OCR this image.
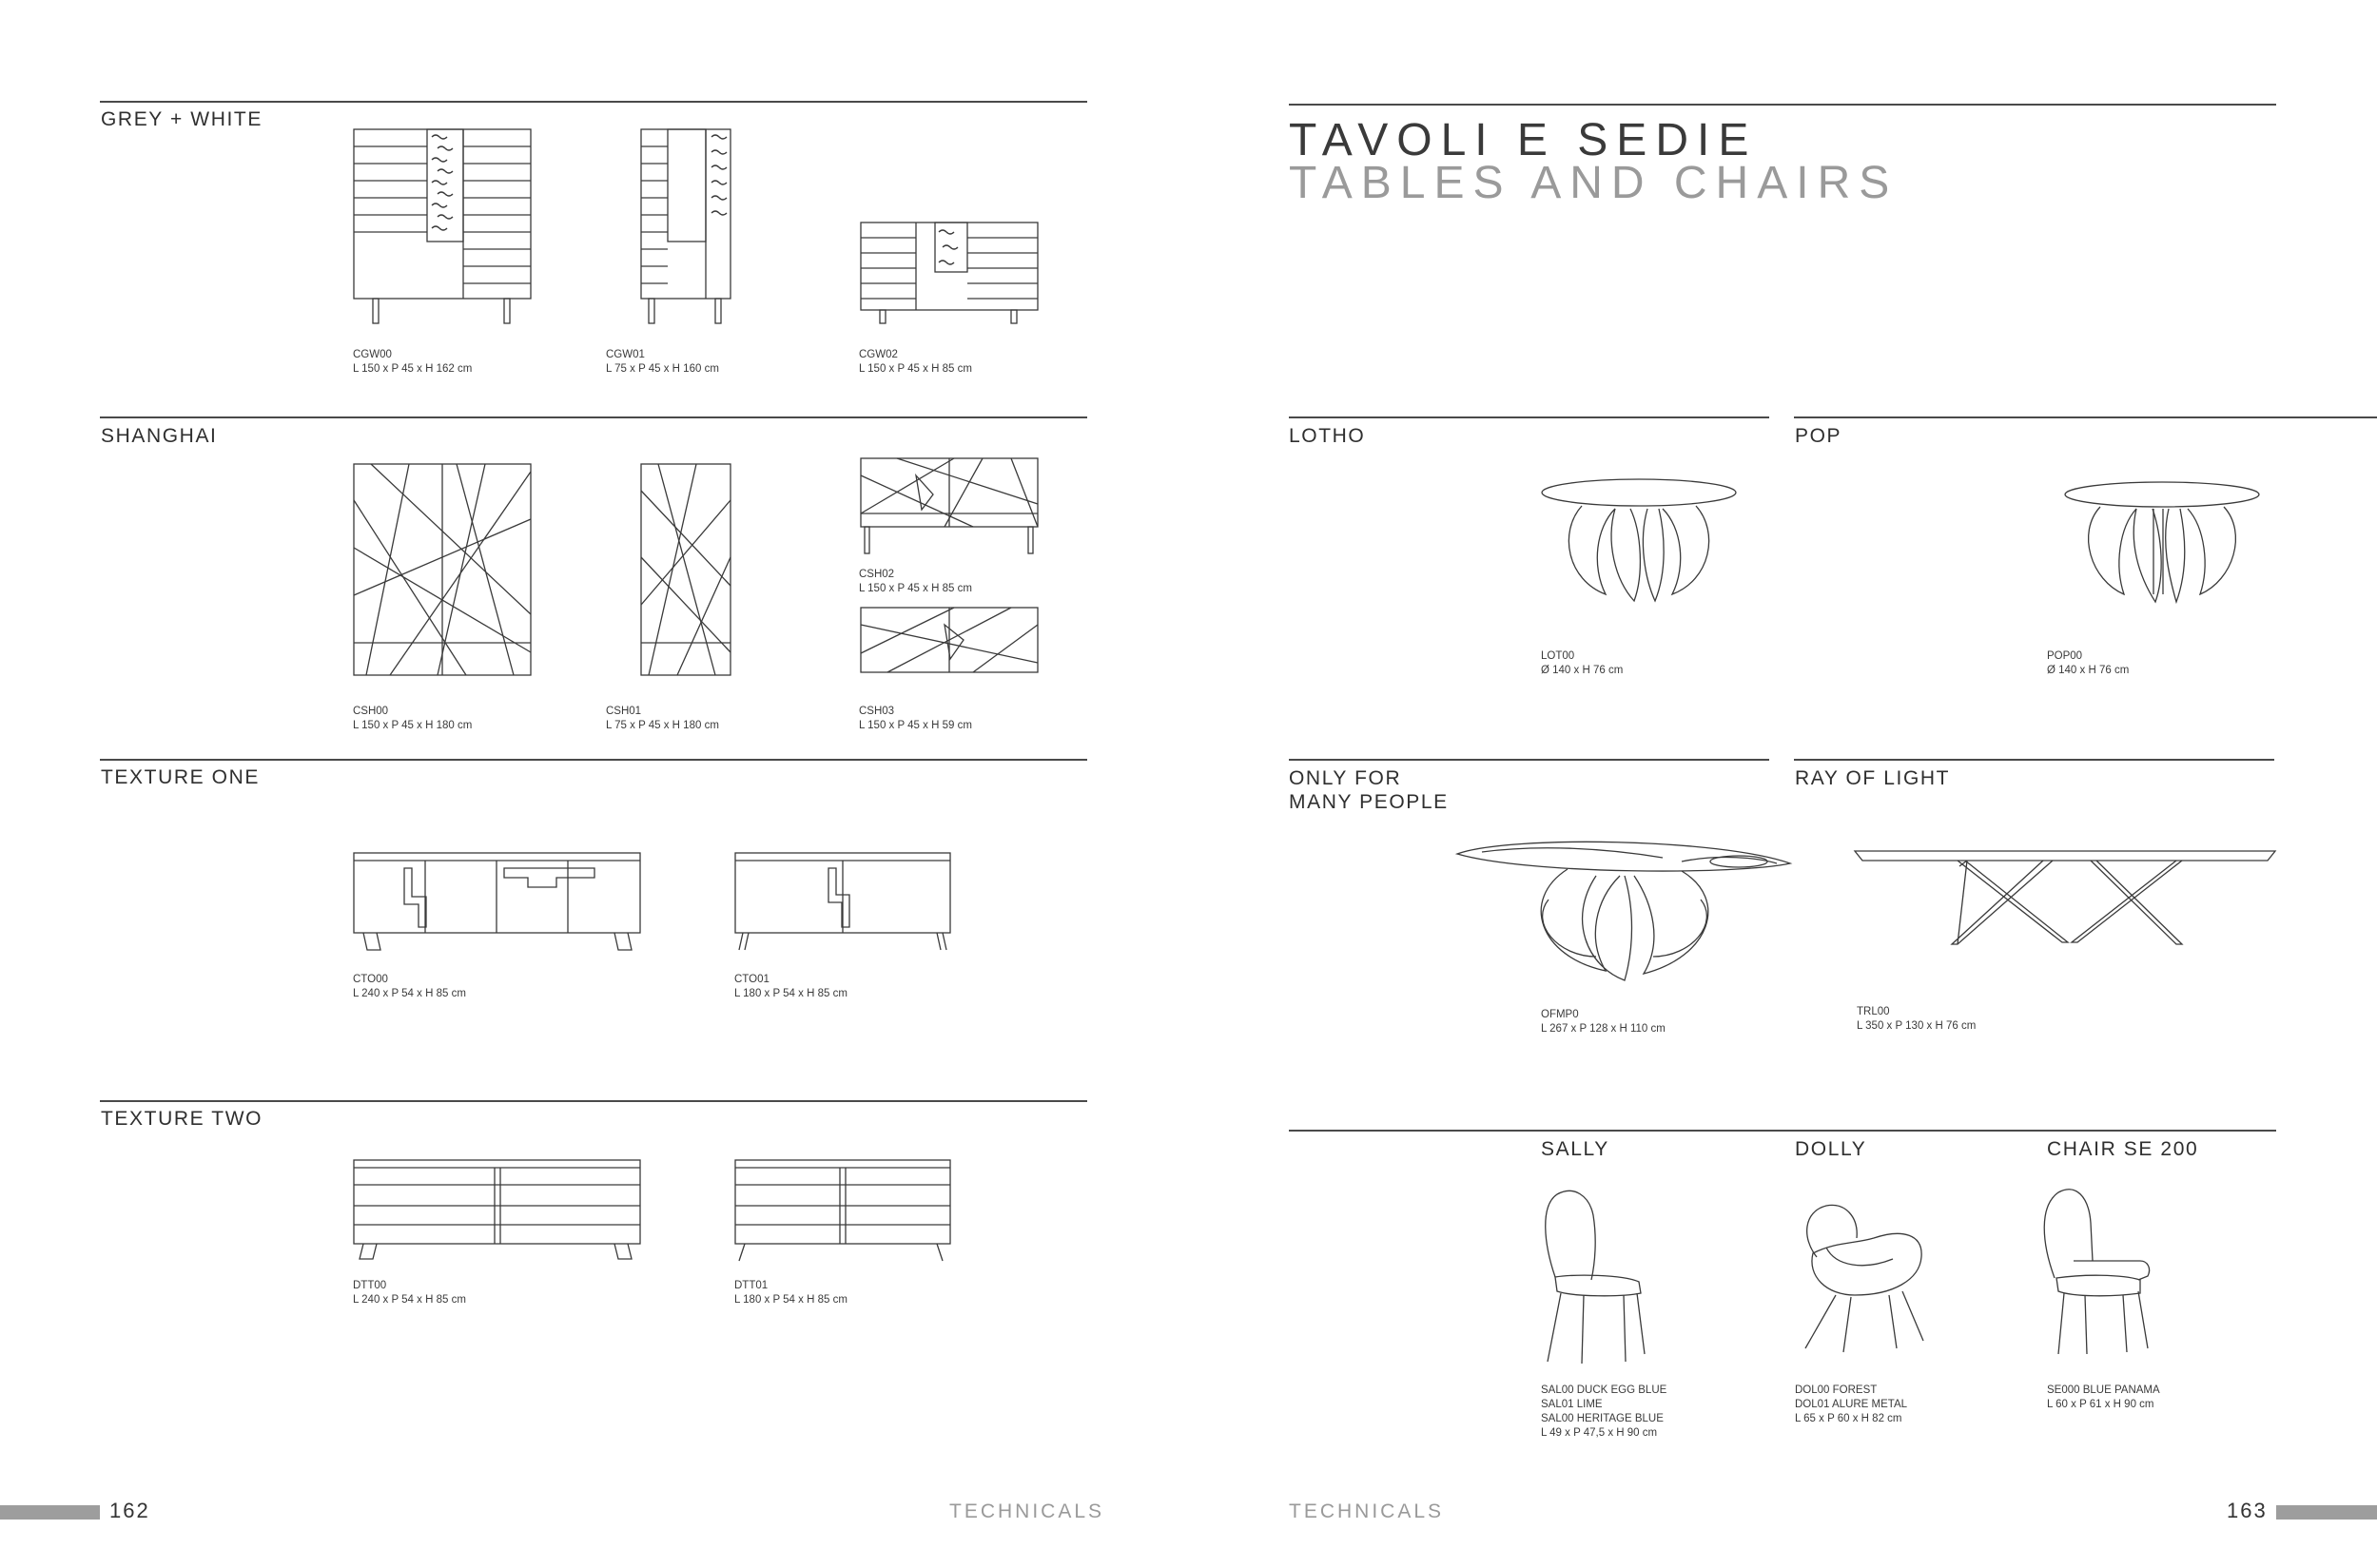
GREY + WHITE
CGW00
L 150 x P 45 x H 162 cm
CGW01
L 75 x P 45 x H 160 cm
CGW02
L 150 x P 45 x H 85 cm
SHANGHAI
CSH00
L 150 x P 45 x H 180 cm
CSH01
L 75 x P 45 x H 180 cm
CSH02
L 150 x P 45 x H 85 cm
CSH03
L 150 x P 45 x H 59 cm
TEXTURE ONE
CTO00
L 240 x P 54 x H 85 cm
CTO01
L 180 x P 54 x H 85 cm
TEXTURE TWO
DTT00
L 240 x P 54 x H 85 cm
DTT01
L 180 x P 54 x H 85 cm
162	TECHNICALS
TAVOLI E SEDIE
TABLES AND CHAIRS
LOTHO
LOT00
Ø 140 x H 76 cm
POP
POP00
Ø 140 x H 76 cm
ONLY FOR
MANY PEOPLE
OFMP0
L 267 x P 128 x H 110 cm
RAY OF LIGHT
TRL00
L 350 x P 130 x H 76 cm
SALLY	DOLLY	CHAIR SE 200
SAL00 DUCK EGG BLUE
SAL01 LIME
SAL00 HERITAGE BLUE
L 49 x P 47,5 x H 90 cm
DOL00 FOREST
DOL01 ALURE METAL
L 65 x P 60 x H 82 cm
SE000 BLUE PANAMA
L 60 x P 61 x H 90 cm
TECHNICALS	163
